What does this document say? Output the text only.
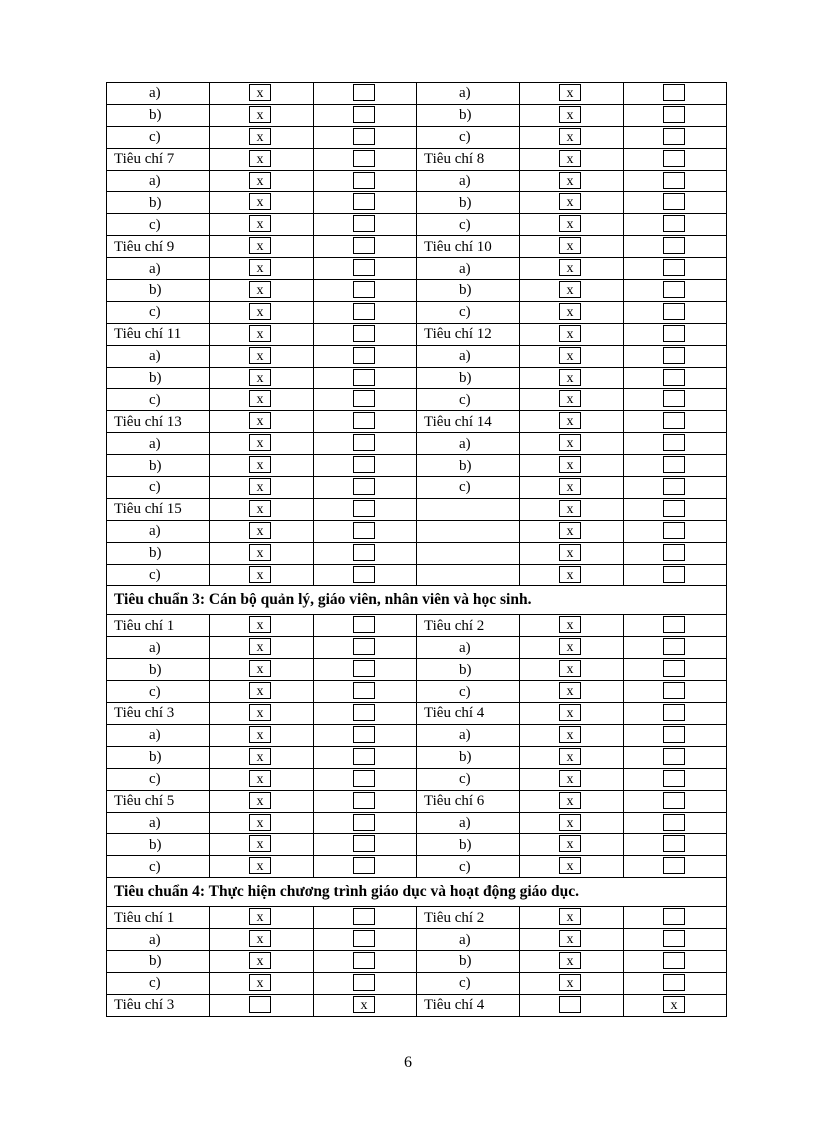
a)	x		a)	x	

b)	x		b)	x	

c)	x		c)	x	

Tiêu chí 7	x		Tiêu chí 8	x	

a)	x		a)	x	

b)	x		b)	x	

c)	x		c)	x	

Tiêu chí 9	x		Tiêu chí 10	x	

a)	x		a)	x	

b)	x		b)	x	

c)	x		c)	x	

Tiêu chí 11	x		Tiêu chí 12	x	

a)	x		a)	x	

b)	x		b)	x	

c)	x		c)	x	

Tiêu chí 13	x		Tiêu chí 14	x	

a)	x		a)	x	

b)	x		b)	x	

c)	x		c)	x	

Tiêu chí 15	x			x	

a)	x			x	

b)	x			x	

c)	x			x	

Tiêu chuẩn 3: Cán bộ quản lý, giáo viên, nhân viên và học sinh.					
Tiêu chí 1	x		Tiêu chí 2	x	

a)	x		a)	x	

b)	x		b)	x	

c)	x		c)	x	

Tiêu chí 3	x		Tiêu chí 4	x	

a)	x		a)	x	

b)	x		b)	x	

c)	x		c)	x	

Tiêu chí 5	x		Tiêu chí 6	x	

a)	x		a)	x	

b)	x		b)	x	

c)	x		c)	x	

Tiêu chuẩn 4: Thực hiện chương trình giáo dục và hoạt động giáo dục.					
Tiêu chí 1	x		Tiêu chí 2	x	

a)	x		a)	x	

b)	x		b)	x	

c)	x		c)	x	

Tiêu chí 3		x	Tiêu chí 4		x
6
